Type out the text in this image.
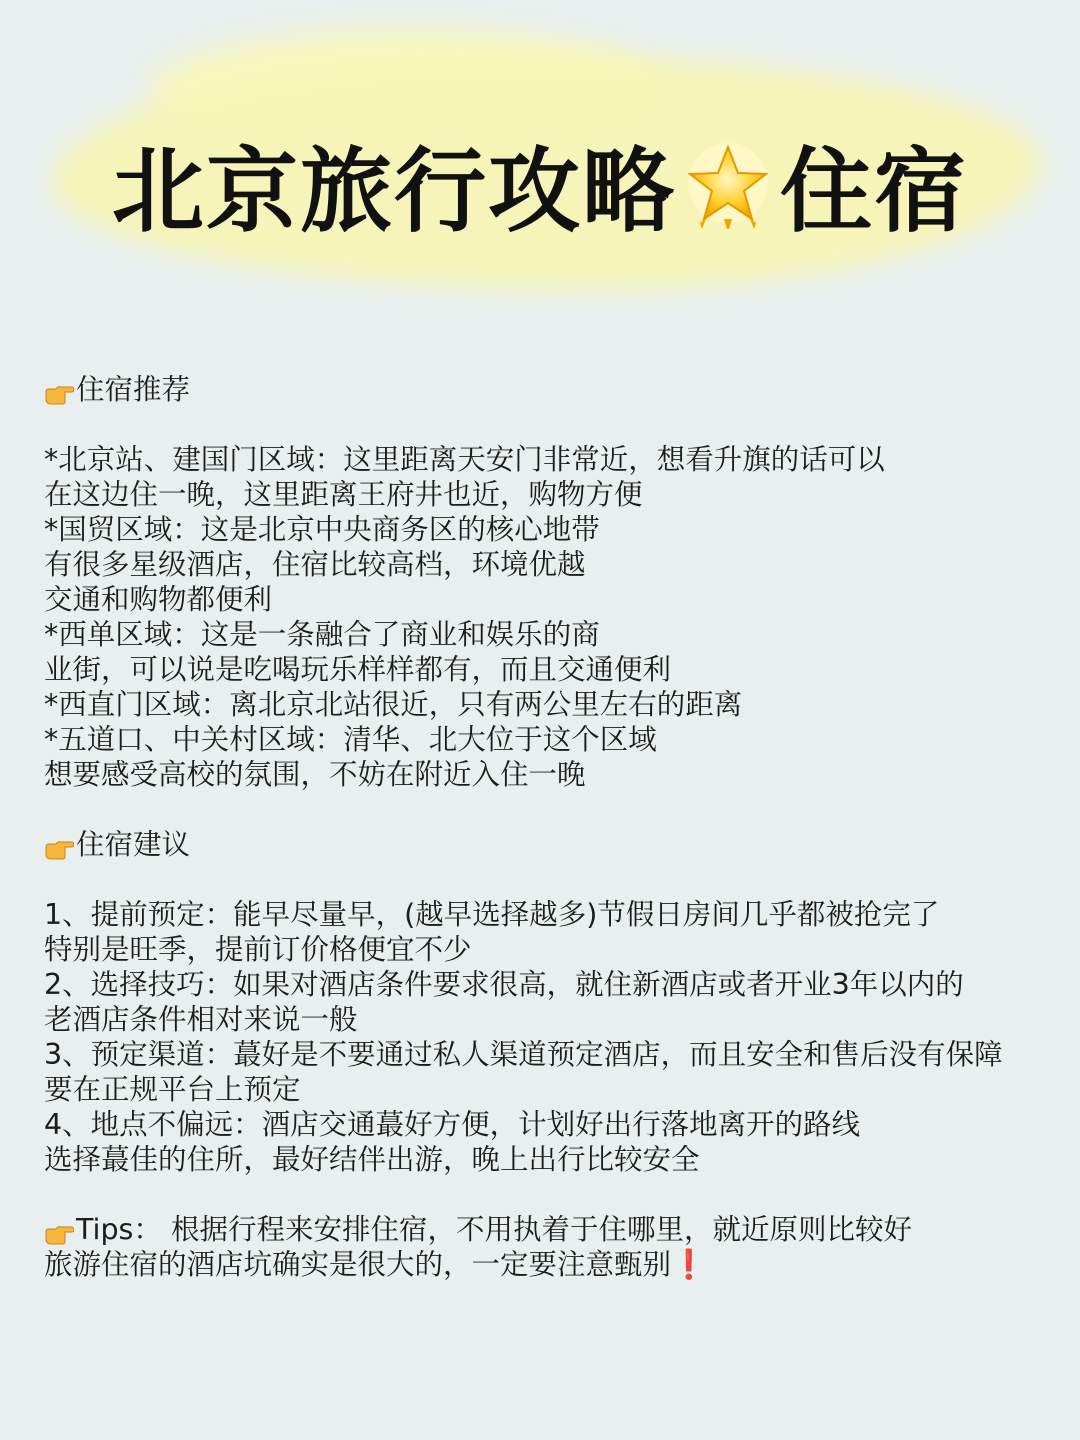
北京旅行攻略 住宿
住宿推荐
*北京站、建国门区域：这里距离天安门非常近，想看升旗的话可以
在这边住一晚，这里距离王府井也近，购物方便
*国贸区域：这是北京中央商务区的核心地带
有很多星级酒店，住宿比较高档，环境优越
交通和购物都便利
*西单区域：这是一条融合了商业和娱乐的商
业街，可以说是吃喝玩乐样样都有，而且交通便利
*西直门区域：离北京北站很近，只有两公里左右的距离
*五道口、中关村区域：清华、北大位于这个区域
想要感受高校的氛围，不妨在附近入住一晚
住宿建议
1、提前预定：能早尽量早，(越早选择越多)节假日房间几乎都被抢完了
特别是旺季，提前订价格便宜不少
2、选择技巧：如果对酒店条件要求很高，就住新酒店或者开业3年以内的
老酒店条件相对来说一般
3、预定渠道：蕞好是不要通过私人渠道预定酒店，而且安全和售后没有保障
要在正规平台上预定
4、地点不偏远：酒店交通蕞好方便，计划好出行落地离开的路线
选择蕞佳的住所，最好结伴出游，晚上出行比较安全
Tips： 根据行程来安排住宿，不用执着于住哪里，就近原则比较好
旅游住宿的酒店坑确实是很大的，一定要注意甄别❗
